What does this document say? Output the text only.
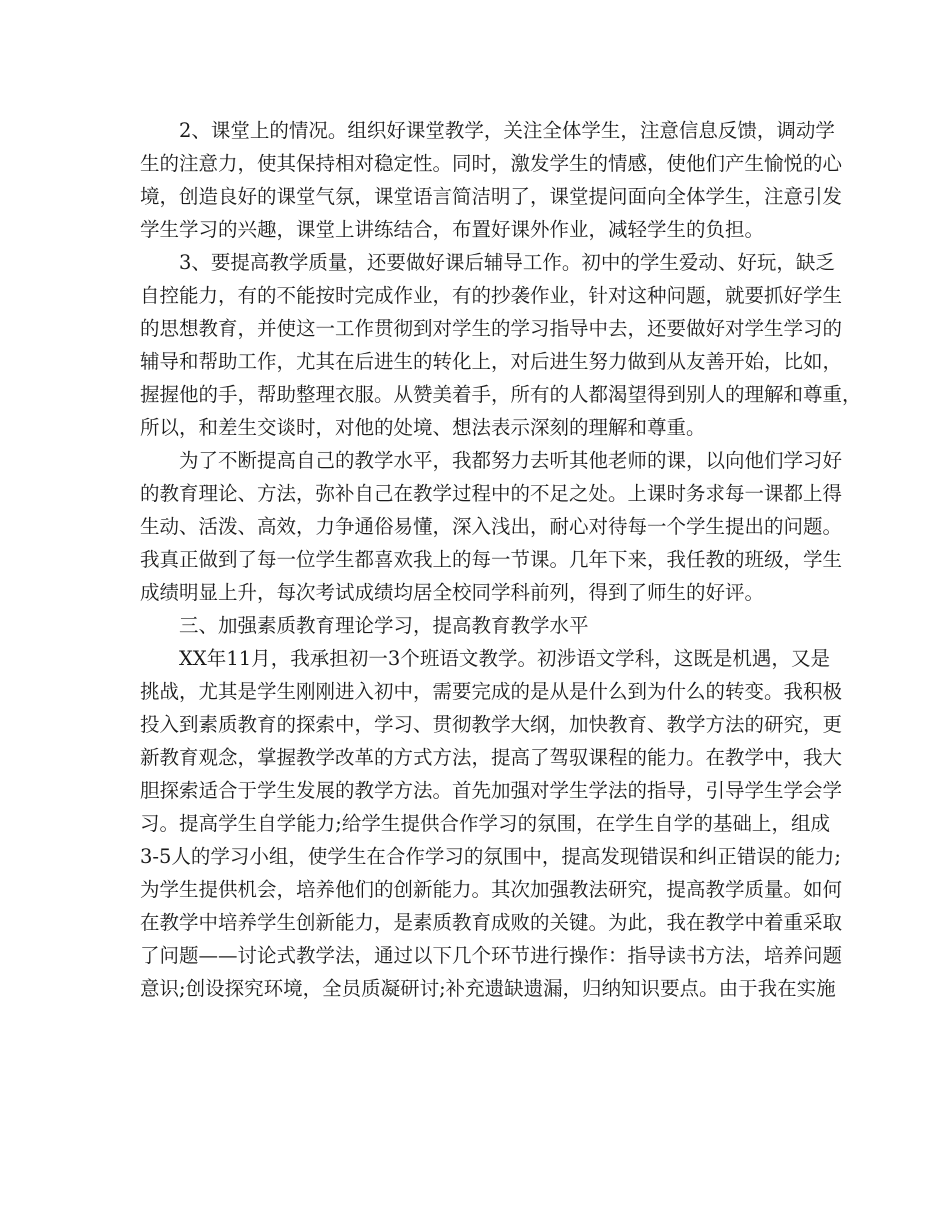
2、课堂上的情况。组织好课堂教学，关注全体学生，注意信息反馈，调动学
生的注意力，使其保持相对稳定性。同时，激发学生的情感，使他们产生愉悦的心
境，创造良好的课堂气氛，课堂语言简洁明了，课堂提问面向全体学生，注意引发
学生学习的兴趣，课堂上讲练结合，布置好课外作业，减轻学生的负担。
3、要提高教学质量，还要做好课后辅导工作。初中的学生爱动、好玩，缺乏
自控能力，有的不能按时完成作业，有的抄袭作业，针对这种问题，就要抓好学生
的思想教育，并使这一工作贯彻到对学生的学习指导中去，还要做好对学生学习的
辅导和帮助工作，尤其在后进生的转化上，对后进生努力做到从友善开始，比如，
握握他的手，帮助整理衣服。从赞美着手，所有的人都渴望得到别人的理解和尊重，
所以，和差生交谈时，对他的处境、想法表示深刻的理解和尊重。
为了不断提高自己的教学水平，我都努力去听其他老师的课，以向他们学习好
的教育理论、方法，弥补自己在教学过程中的不足之处。上课时务求每一课都上得
生动、活泼、高效，力争通俗易懂，深入浅出，耐心对待每一个学生提出的问题。
我真正做到了每一位学生都喜欢我上的每一节课。几年下来，我任教的班级，学生
成绩明显上升，每次考试成绩均居全校同学科前列，得到了师生的好评。
三、加强素质教育理论学习，提高教育教学水平
XX年11月，我承担初一3个班语文教学。初涉语文学科，这既是机遇，又是
挑战，尤其是学生刚刚进入初中，需要完成的是从是什么到为什么的转变。我积极
投入到素质教育的探索中，学习、贯彻教学大纲，加快教育、教学方法的研究，更
新教育观念，掌握教学改革的方式方法，提高了驾驭课程的能力。在教学中，我大
胆探索适合于学生发展的教学方法。首先加强对学生学法的指导，引导学生学会学
习。提高学生自学能力;给学生提供合作学习的氛围，在学生自学的基础上，组成
3-5人的学习小组，使学生在合作学习的氛围中，提高发现错误和纠正错误的能力;
为学生提供机会，培养他们的创新能力。其次加强教法研究，提高教学质量。如何
在教学中培养学生创新能力，是素质教育成败的关键。为此，我在教学中着重采取
了问题——讨论式教学法，通过以下几个环节进行操作：指导读书方法，培养问题
意识;创设探究环境，全员质凝研讨;补充遗缺遗漏，归纳知识要点。由于我在实施
